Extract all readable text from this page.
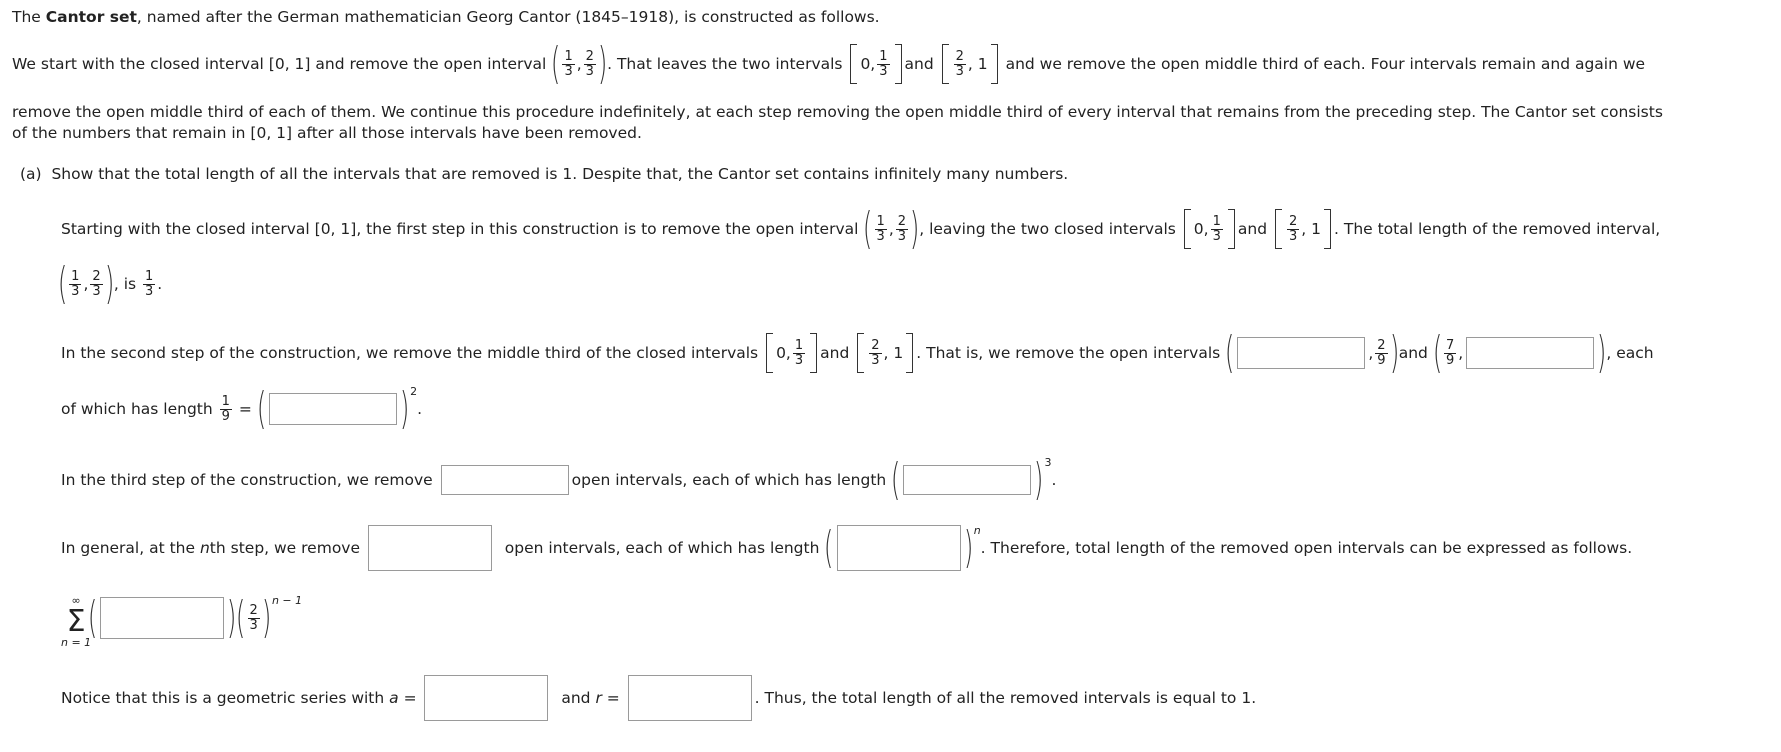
The Cantor set , named after the German mathematician Georg Cantor (1845–1918), is constructed as follows.
We start with the closed interval [0, 1] and remove the open interval ( $\frac{1}{3}$ , $\frac{2}{3}$ ) . That leaves the two intervals 0, $\frac{1}{3}$ and $\frac{2}{3}$ ,
1 and we remove the open middle third of each. Four intervals remain and again we
remove the open middle third of each of them. We continue this procedure indefinitely, at each step removing the open middle third of every interval that remains from the preceding step. The Cantor set consists
of the numbers that remain in [0, 1] after all those intervals have been removed.
(a)
Show that the total length of all the intervals that are removed is 1. Despite that, the Cantor set contains infinitely many numbers.
Starting with the closed interval [0, 1], the first step in this construction is to remove the open interval ( $\frac{1}{3}$ , $\frac{2}{3}$ ) , leaving the two closed intervals 0, $\frac{1}{3}$ and $\frac{2}{3}$ ,
1 . The total length of the removed interval,
( $\frac{1}{3}$ , $\frac{2}{3}$ ) , is $\frac{1}{3}$ .
In the second step of the construction, we remove the middle third of the closed intervals 0, $\frac{1}{3}$ and $\frac{2}{3}$ ,
1 . That is, we remove the open intervals (	, $\frac{2}{9}$ ) and ( $\frac{7}{9}$ ,	) , each
of which has length $\frac{1}{9}$ = (	) 2
.
In the third step of the construction, we remove	open intervals, each of which has length (	) 3
.
In general, at the n th step, we remove
	open intervals, each of which has length (	) n
. Therefore, total length of the removed open intervals can be expressed as follows.
∞
Σ
n = 1
(	) ( $\frac{2}{3}$ ) n − 1
Notice that this is a geometric series with a =
	and r =	. Thus, the total length of all the removed intervals is equal to 1.
